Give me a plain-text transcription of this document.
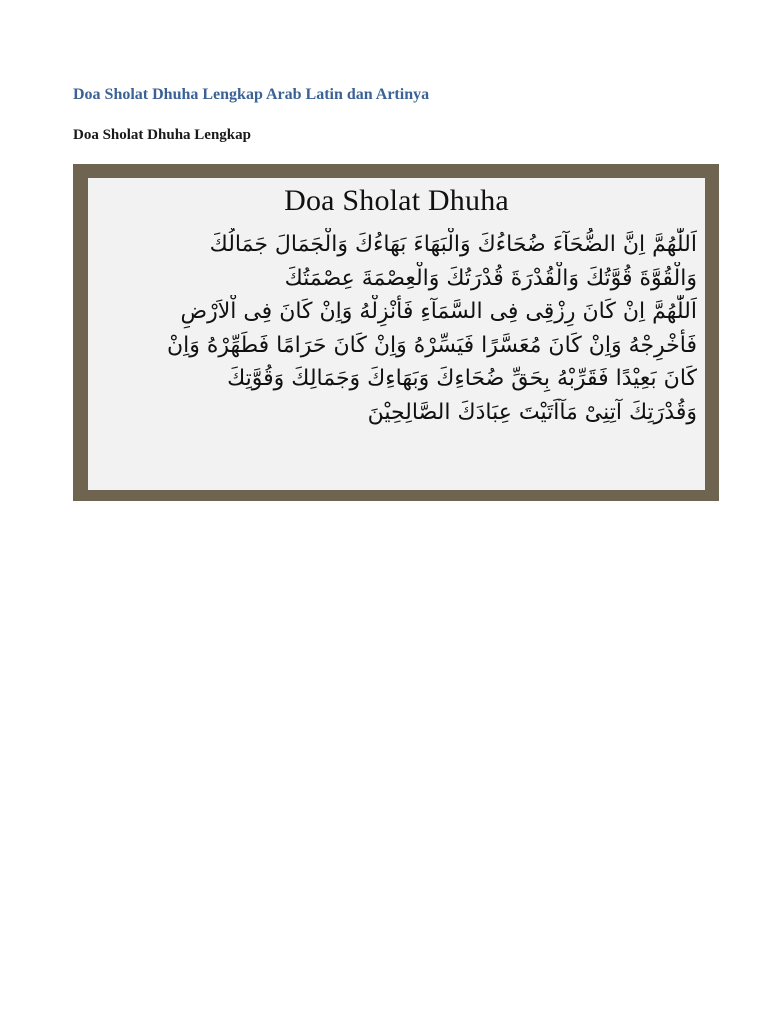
Doa Sholat Dhuha Lengkap Arab Latin dan Artinya
Doa Sholat Dhuha Lengkap
Doa Sholat Dhuha
اَللّٰهُمَّ اِنَّ الضُّحَآءَ ضُحَاءُكَ وَالْبَهَاءَ بَهَاءُكَ وَالْجَمَالَ جَمَالُكَ
وَالْقُوَّةَ قُوَّتُكَ وَالْقُدْرَةَ قُدْرَتُكَ وَالْعِصْمَةَ عِصْمَتُكَ
اَللّٰهُمَّ اِنْ كَانَ رِزْقِى فِى السَّمَآءِ فَأَنْزِلْهُ وَاِنْ كَانَ فِى اْلاَرْضِ
فَأَخْرِجْهُ وَاِنْ كَانَ مُعَسَّرًا فَيَسِّرْهُ وَاِنْ كَانَ حَرَامًا فَطَهِّرْهُ وَاِنْ
كَانَ بَعِيْدًا فَقَرِّبْهُ بِحَقِّ ضُحَاءِكَ وَبَهَاءِكَ وَجَمَالِكَ وَقُوَّتِكَ
وَقُدْرَتِكَ آتِنِىْ مَآاَتَيْتَ عِبَادَكَ الصَّالِحِيْنَ
